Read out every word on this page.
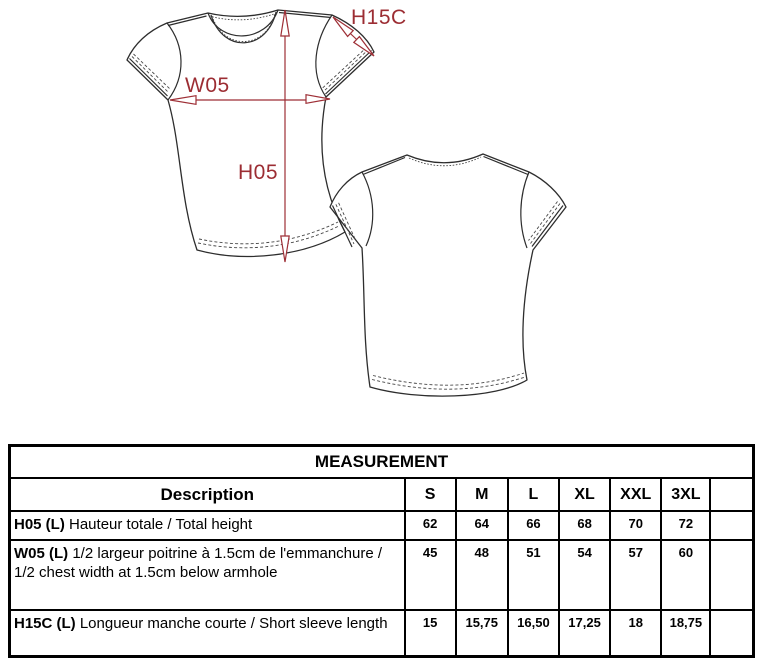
W05
H05
H15C
MEASUREMENT							
Description	S	M	L	XL	XXL	3XL	
H05 (L) Hauteur totale / Total height	62	64	66	68	70	72	
W05 (L) 1/2 largeur poitrine à 1.5cm de l'emmanchure / 1/2 chest width at 1.5cm below armhole	45	48	51	54	57	60	
H15C (L) Longueur manche courte / Short sleeve length	15	15,75	16,50	17,25	18	18,75	
